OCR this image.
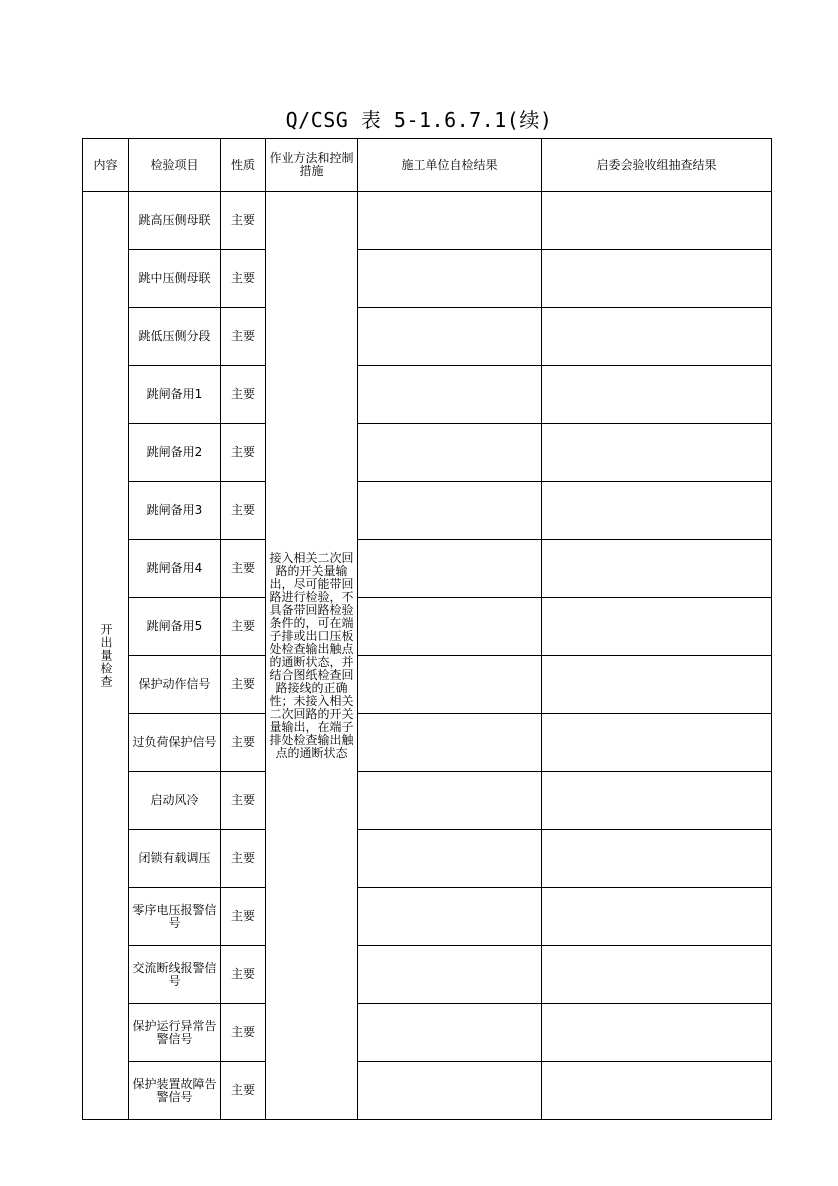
Q/CSG 表 5-1.6.7.1(续)
内容	检验项目	性质	作业方法和控制措施	施工单位自检结果	启委会验收组抽查结果
开出量检查	跳高压侧母联	主要	接入相关二次回路的开关量输出，尽可能带回路进行检验，不具备带回路检验条件的，可在端子排或出口压板处检查输出触点的通断状态，并结合图纸检查回路接线的正确性；未接入相关二次回路的开关量输出，在端子排处检查输出触点的通断状态		
	跳中压侧母联	主要			
	跳低压侧分段	主要			
	跳闸备用1	主要			
	跳闸备用2	主要			
	跳闸备用3	主要			
	跳闸备用4	主要			
	跳闸备用5	主要			
	保护动作信号	主要			
	过负荷保护信号	主要			
	启动风冷	主要			
	闭锁有载调压	主要			
	零序电压报警信号	主要			
	交流断线报警信号	主要			
	保护运行异常告警信号	主要			
	保护装置故障告警信号	主要			
